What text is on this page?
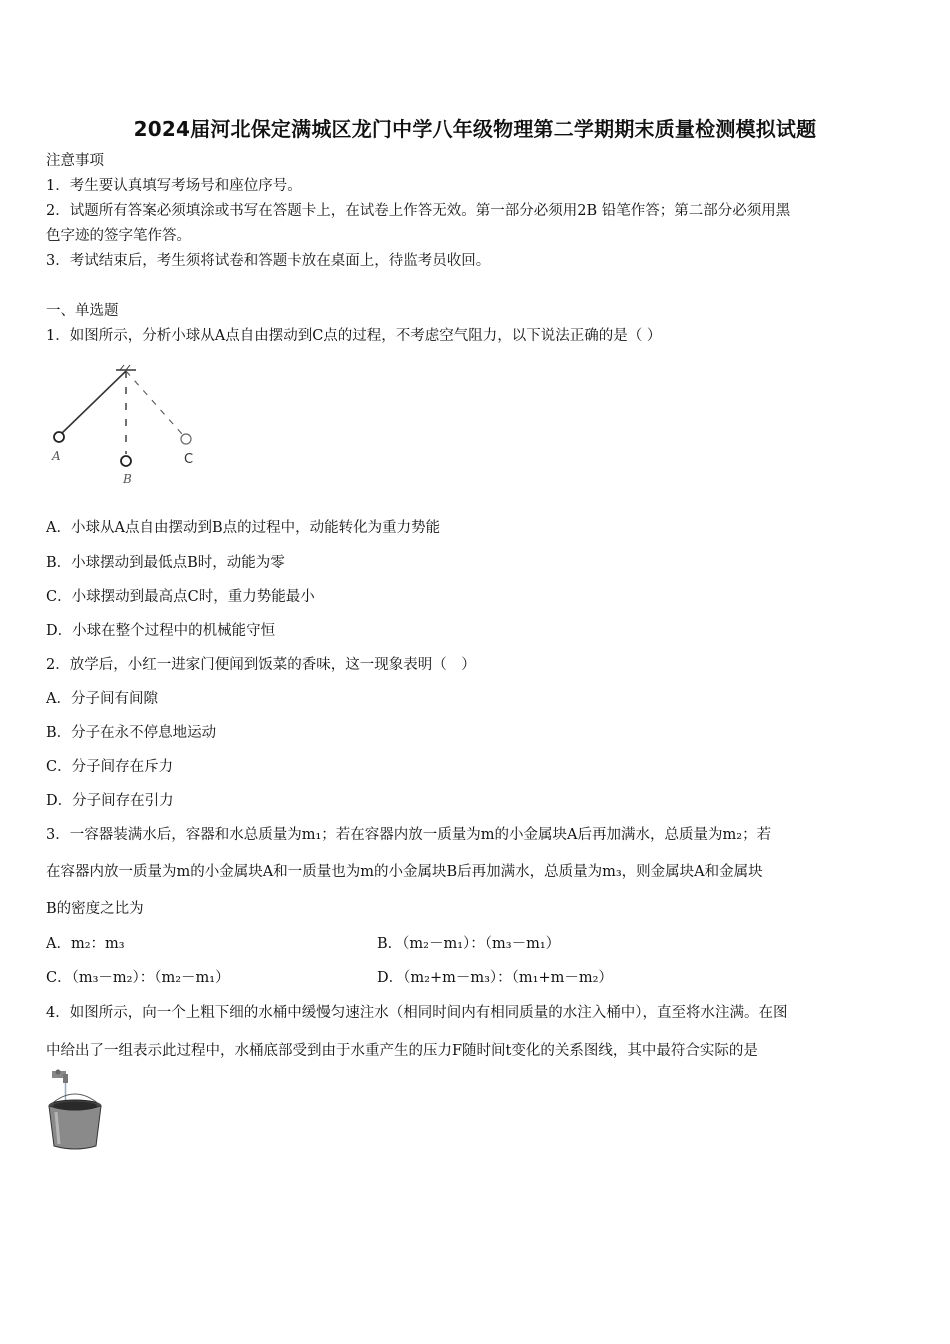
2024届河北保定满城区龙门中学八年级物理第二学期期末质量检测模拟试题
注意事项
1．考生要认真填写考场号和座位序号。
2．试题所有答案必须填涂或书写在答题卡上，在试卷上作答无效。第一部分必须用2B 铅笔作答；第二部分必须用黑
色字迹的签字笔作答。
3．考试结束后，考生须将试卷和答题卡放在桌面上，待监考员收回。
一、单选题
1．如图所示，分析小球从A点自由摆动到C点的过程，不考虑空气阻力，以下说法正确的是（ ）
A
B
C
A．小球从A点自由摆动到B点的过程中，动能转化为重力势能
B．小球摆动到最低点B时，动能为零
C．小球摆动到最高点C时，重力势能最小
D．小球在整个过程中的机械能守恒
2．放学后，小红一进家门便闻到饭菜的香味，这一现象表明（　）
A．分子间有间隙
B．分子在永不停息地运动
C．分子间存在斥力
D．分子间存在引力
3．一容器装满水后，容器和水总质量为m₁；若在容器内放一质量为m的小金属块A后再加满水，总质量为m₂；若
在容器内放一质量为m的小金属块A和一质量也为m的小金属块B后再加满水，总质量为m₃，则金属块A和金属块
B的密度之比为
A．m₂：m₃	B．（m₂－m₁）：（m₃－m₁）
C．（m₃－m₂）：（m₂－m₁）	D．（m₂+m－m₃）：（m₁+m－m₂）
4．如图所示，向一个上粗下细的水桶中缓慢匀速注水（相同时间内有相同质量的水注入桶中），直至将水注满。在图
中给出了一组表示此过程中，水桶底部受到由于水重产生的压力F随时间t变化的关系图线，其中最符合实际的是
